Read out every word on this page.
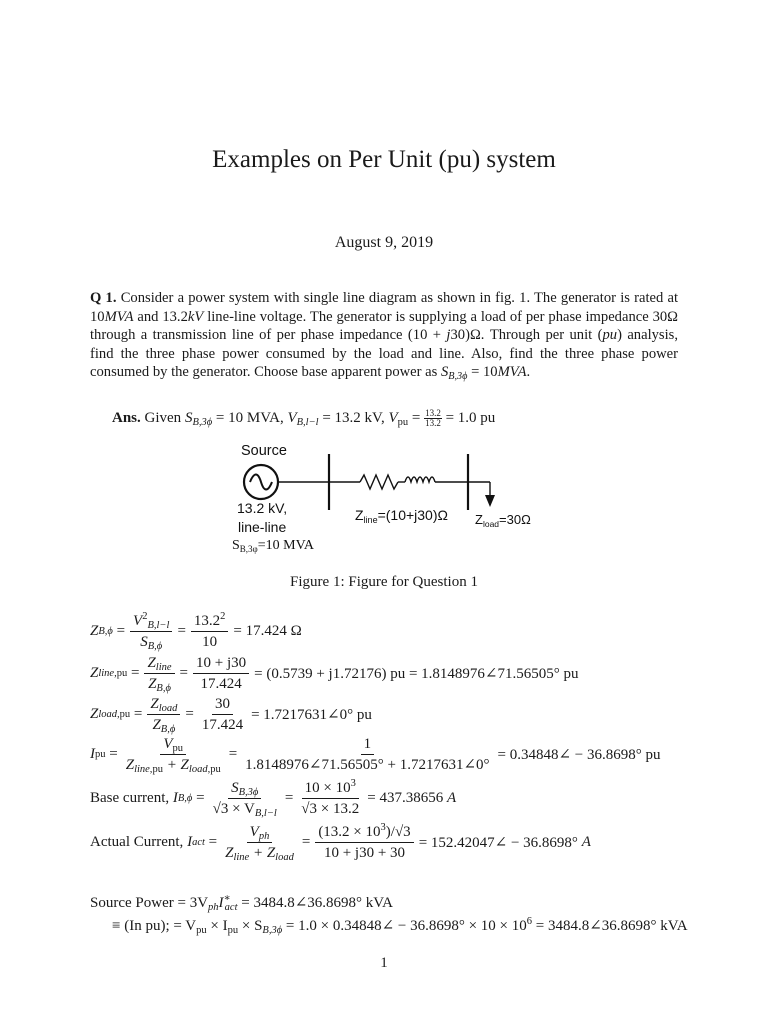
Examples on Per Unit (pu) system
August 9, 2019
Q 1. Consider a power system with single line diagram as shown in fig. 1. The generator is rated at 10MVA and 13.2kV line-line voltage. The generator is supplying a load of per phase impedance 30Ω through a transmission line of per phase impedance (10 + j30)Ω. Through per unit (pu) analysis, find the three phase power consumed by the load and line. Also, find the three phase power consumed by the generator. Choose base apparent power as $S_{B,3\phi} = 10MVA$.
Ans. Given $S_{B,3\phi} = 10$ MVA, $V_{B,l-l} = 13.2$ kV, $V_{pu} = \frac{13.2}{13.2} = 1.0$ pu
Source
13.2 kV,
line-line
$S_{B,3\varphi}=10$ MVA
$Z_{line}=(10+j30)\Omega$ $Z_{load}=30\Omega$
Figure 1: Figure for Question 1
Z $B,\phi = \frac{V^2_{B,l-l}}{S_{B,\phi}} = \frac{13.2^2}{10} = 17.424$ Ω
Z line,pu = $\frac{Z_{line}}{Z_{B,\phi}} = \frac{10 + j30}{17.424} = (0.5739 + j1.72176)$ pu = 1.8148976∠71.56505° pu
Z load,pu = $\frac{Z_{load}}{Z_{B,\phi}} = \frac{30}{17.424}$ = 1.7217631∠0° pu
I pu = $\frac{V_{pu}}{Z_{line,pu} + Z_{load,pu}} = \frac{1}{1.8148976\angle 71.56505^\circ + 1.7217631\angle 0^\circ}$ = 0.34848∠ − 36.8698° pu
Base current,
I $B,\phi = \frac{S_{B,3\phi}}{√3 \times V_{B,l-l}} = \frac{10 \times 10^3}{√3 \times 13.2} = 437.38656$
A
Actual Current,
I act = $\frac{V_{ph}}{Z_{line} + Z_{load}} = \frac{(13.2 \times 10^3)/√3}{10 + j30 + 30}$ = 152.42047∠ − 36.8698°
A
Source Power = $3V_{ph}I^∗_{act}$ = 3484.8∠36.8698° kVA
≡ (In pu); = $V_{pu} \times I_{pu} \times S_{B,3\phi} = 1.0$ × 0.34848∠ − $36.8698^\circ \times 10 \times 10^6$ = 3484.8∠36.8698° kVA
1
